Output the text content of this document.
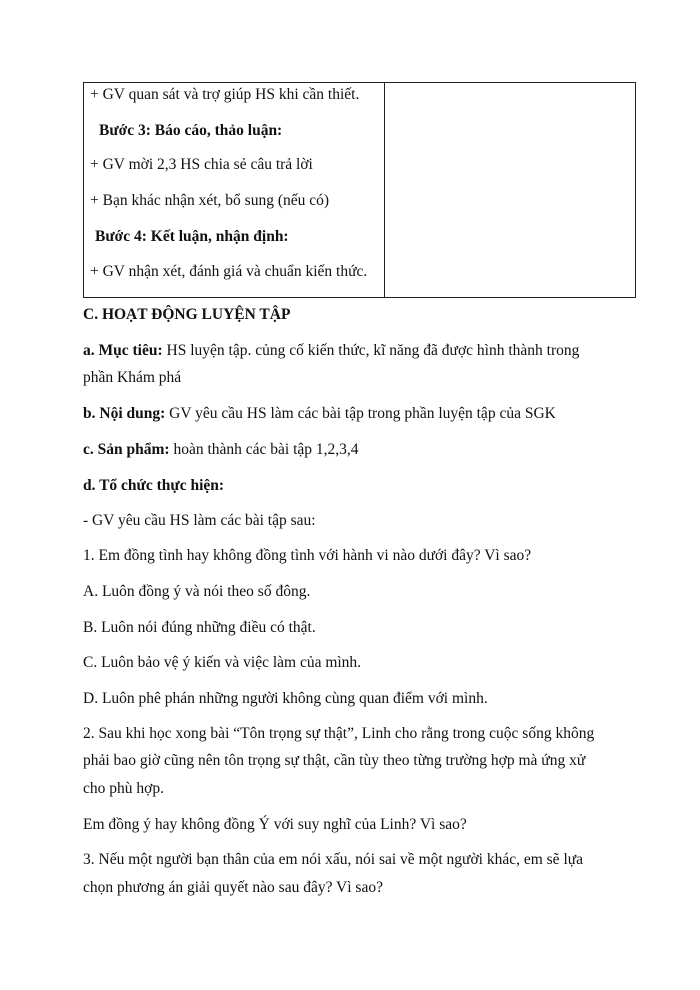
+ GV quan sát và trợ giúp HS khi cần thiết.
Bước 3: Báo cáo, thảo luận:
+ GV mời 2,3 HS chia sẻ câu trả lời
+ Bạn khác nhận xét, bổ sung (nếu có)
Bước 4: Kết luận, nhận định:
+ GV nhận xét, đánh giá và chuẩn kiến thức.
C. HOẠT ĐỘNG LUYỆN TẬP
a. Mục tiêu: HS luyện tập. củng cố kiến thức, kĩ năng đã được hình thành trong
phần Khám phá
b. Nội dung: GV yêu cầu HS làm các bài tập trong phần luyện tập của SGK
c. Sản phẩm: hoàn thành các bài tập 1,2,3,4
d. Tổ chức thực hiện:
- GV yêu cầu HS làm các bài tập sau:
1. Em đồng tình hay không đồng tình với hành vi nào dưới đây? Vì sao?
A. Luôn đồng ý và nói theo số đông.
B. Luôn nói đúng những điều có thật.
C. Luôn bảo vệ ý kiến và việc làm của mình.
D. Luôn phê phán những người không cùng quan điểm với mình.
2. Sau khi học xong bài “Tôn trọng sự thật”, Linh cho rằng trong cuộc sống không
phải bao giờ cũng nên tôn trọng sự thật, cần tùy theo từng trường hợp mà ứng xử
cho phù hợp.
Em đồng ý hay không đồng Ý với suy nghĩ của Linh? Vì sao?
3. Nếu một người bạn thân của em nói xấu, nói sai về một người khác, em sẽ lựa
chọn phương án giải quyết nào sau đây? Vì sao?
